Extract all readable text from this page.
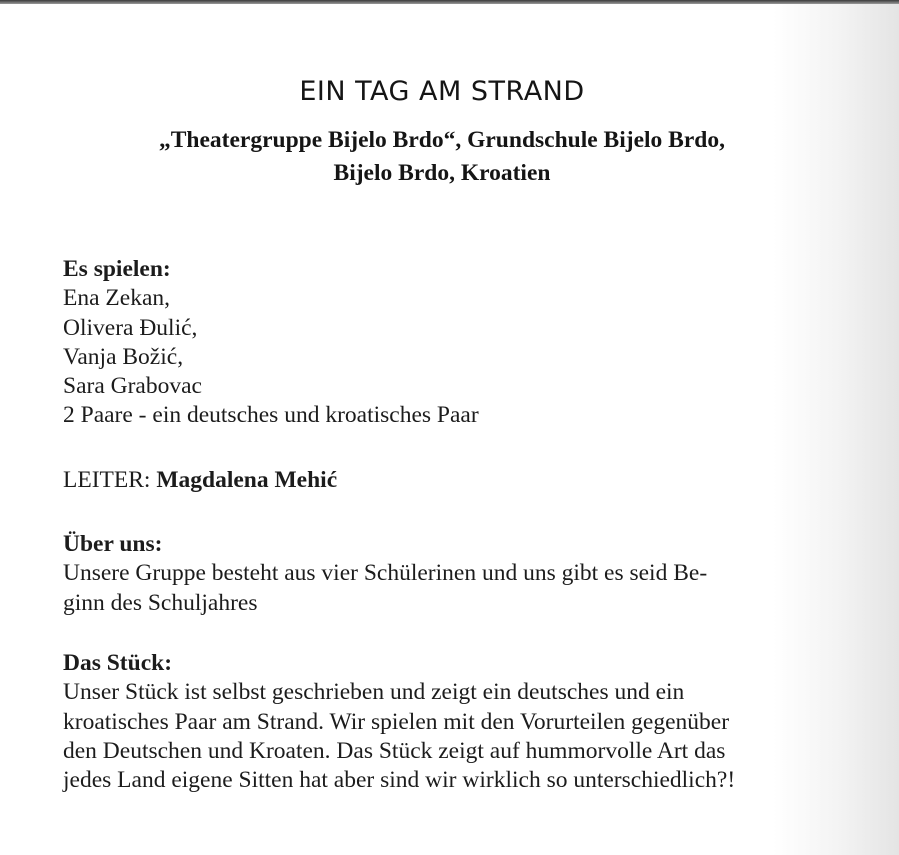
EIN TAG AM STRAND
„Theatergruppe Bijelo Brdo“, Grundschule Bijelo Brdo,
Bijelo Brdo, Kroatien
Es spielen:
Ena Zekan,
Olivera Đulić,
Vanja Božić,
Sara Grabovac
2 Paare - ein deutsches und kroatisches Paar
LEITER: Magdalena Mehić
Über uns:
Unsere Gruppe besteht aus vier Schülerinen und uns gibt es seid Be-
ginn des Schuljahres
Das Stück:
Unser Stück ist selbst geschrieben und zeigt ein deutsches und ein
kroatisches Paar am Strand. Wir spielen mit den Vorurteilen gegenüber
den Deutschen und Kroaten. Das Stück zeigt auf hummorvolle Art das
jedes Land eigene Sitten hat aber sind wir wirklich so unterschiedlich?!
